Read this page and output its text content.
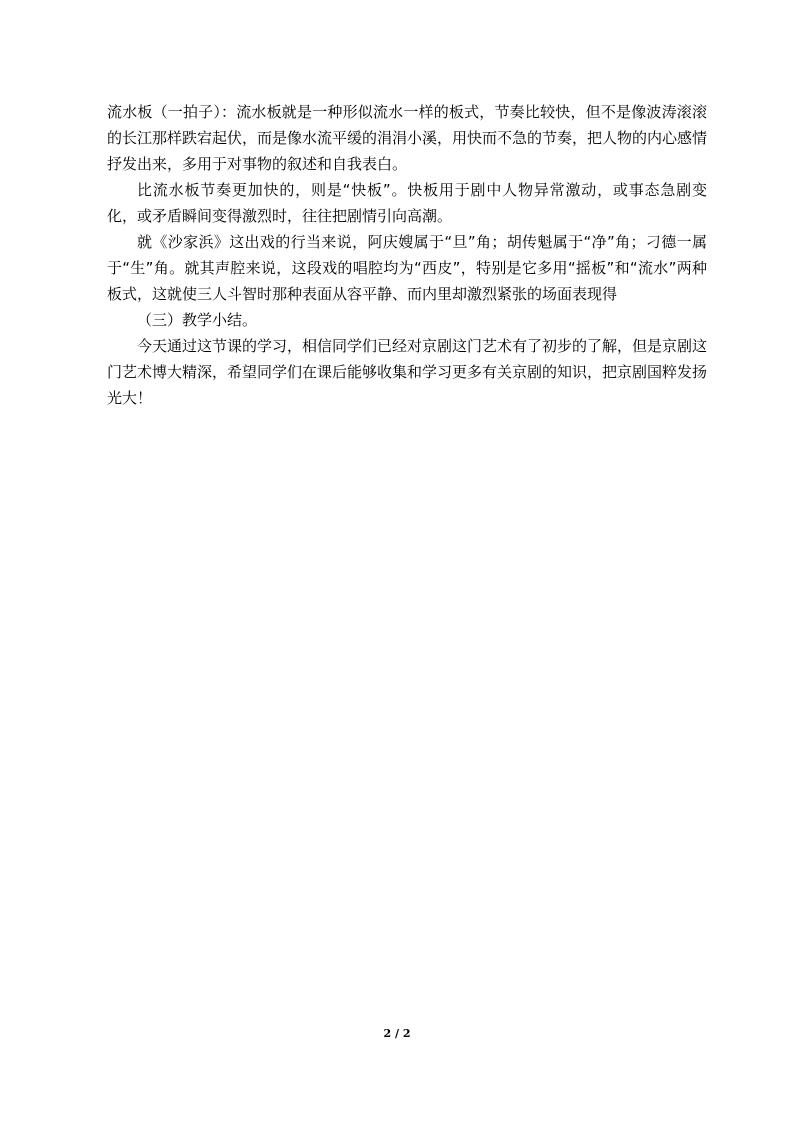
流水板（一拍子）：流水板就是一种形似流水一样的板式，节奏比较快，但不是像波涛滚滚的长江那样跌宕起伏，而是像水流平缓的涓涓小溪，用快而不急的节奏，把人物的内心感情抒发出来，多用于对事物的叙述和自我表白。

比流水板节奏更加快的，则是“快板”。快板用于剧中人物异常激动，或事态急剧变化，或矛盾瞬间变得激烈时，往往把剧情引向高潮。

就《沙家浜》这出戏的行当来说，阿庆嫂属于“旦”角；胡传魁属于“净”角；刁德一属于“生”角。就其声腔来说，这段戏的唱腔均为“西皮”，特别是它多用“摇板”和“流水”两种板式，这就使三人斗智时那种表面从容平静、而内里却激烈紧张的场面表现得

（三）教学小结。

今天通过这节课的学习，相信同学们已经对京剧这门艺术有了初步的了解，但是京剧这门艺术博大精深，希望同学们在课后能够收集和学习更多有关京剧的知识，把京剧国粹发扬光大！

2 / 2
